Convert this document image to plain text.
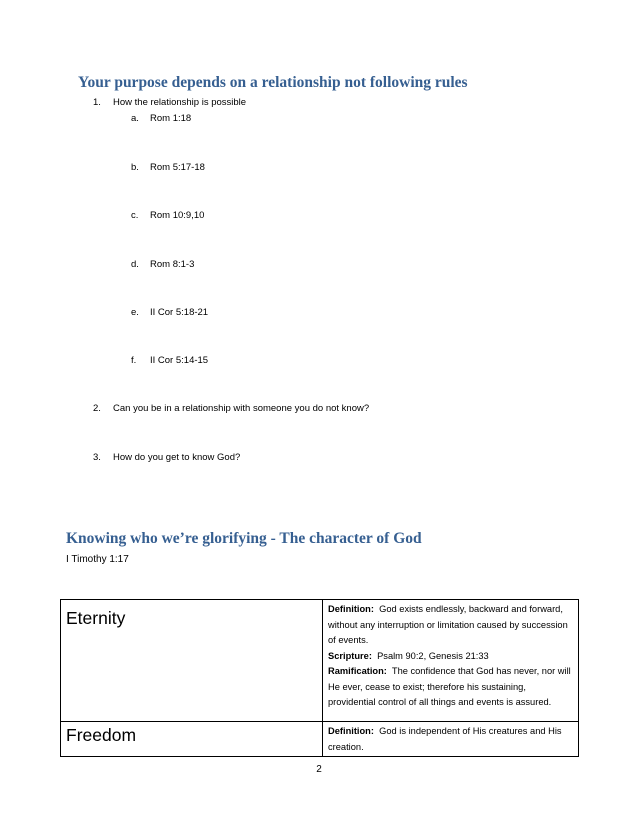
Your purpose depends on a relationship not following rules
1. How the relationship is possible
a. Rom 1:18
b. Rom 5:17-18
c. Rom 10:9,10
d. Rom 8:1-3
e. II Cor 5:18-21
f. II Cor 5:14-15
2. Can you be in a relationship with someone you do not know?
3. How do you get to know God?
Knowing who we’re glorifying - The character of God
I Timothy 1:17
Eternity	Definition: God exists endlessly, backward and forward, without any interruption or limitation caused by succession of events.
Scripture: Psalm 90:2, Genesis 21:33
Ramification: The confidence that God has never, nor will He ever, cease to exist; therefore his sustaining, providential control of all things and events is assured.
Freedom	Definition: God is independent of His creatures and His creation.
2
